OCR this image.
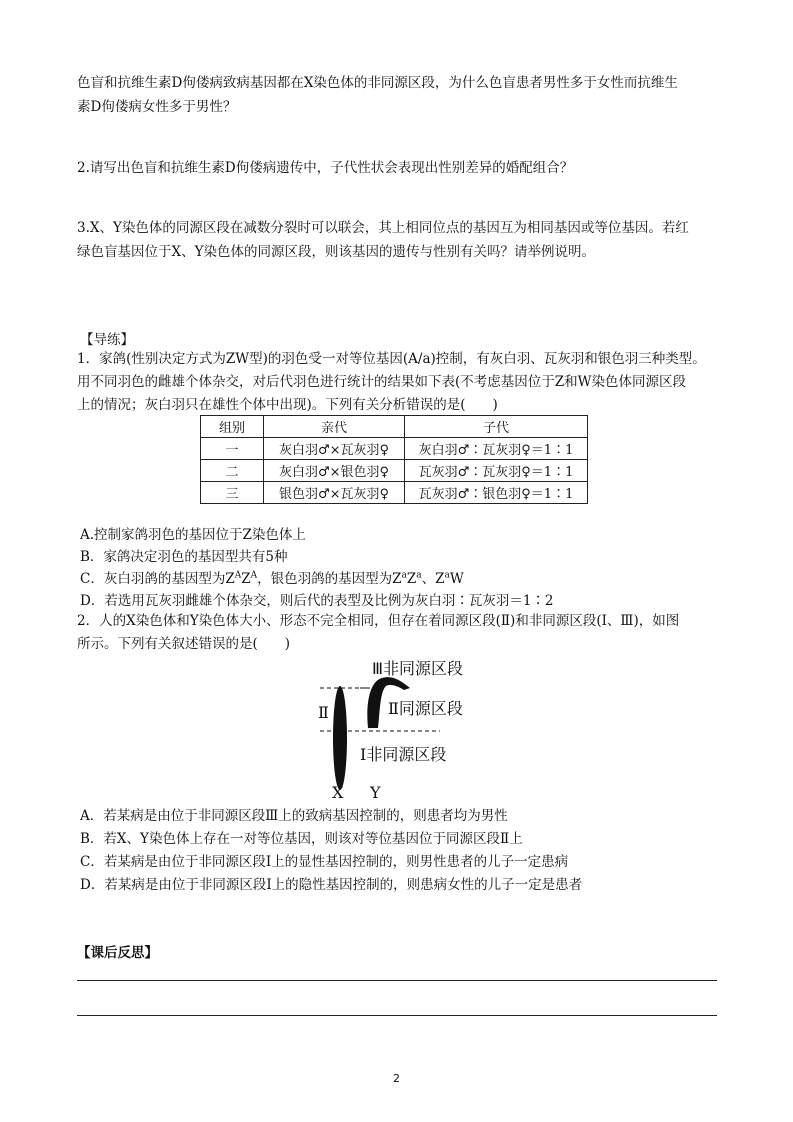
色盲和抗维生素D佝偻病致病基因都在X染色体的非同源区段，为什么色盲患者男性多于女性而抗维生
素D佝偻病女性多于男性？
2.请写出色盲和抗维生素D佝偻病遗传中，子代性状会表现出性别差异的婚配组合？
3.X、Y染色体的同源区段在减数分裂时可以联会，其上相同位点的基因互为相同基因或等位基因。若红
绿色盲基因位于X、Y染色体的同源区段，则该基因的遗传与性别有关吗？请举例说明。
【导练】
1．家鸽(性别决定方式为ZW型)的羽色受一对等位基因(A/a)控制，有灰白羽、瓦灰羽和银色羽三种类型。
用不同羽色的雌雄个体杂交，对后代羽色进行统计的结果如下表(不考虑基因位于Z和W染色体同源区段
上的情况；灰白羽只在雄性个体中出现)。下列有关分析错误的是(　　)
组别	亲代	子代
一	灰白羽♂×瓦灰羽♀	灰白羽♂∶瓦灰羽♀＝1∶1
二	灰白羽♂×银色羽♀	瓦灰羽♂∶瓦灰羽♀＝1∶1
三	银色羽♂×瓦灰羽♀	瓦灰羽♂∶银色羽♀＝1∶1
A.控制家鸽羽色的基因位于Z染色体上
B．家鸽决定羽色的基因型共有5种
C．灰白羽鸽的基因型为$Z^AZ^A$，银色羽鸽的基因型为$Z^aZ^a$、$Z^aW$
D．若选用瓦灰羽雌雄个体杂交，则后代的表型及比例为灰白羽∶瓦灰羽＝1∶2
2．人的X染色体和Y染色体大小、形态不完全相同，但存在着同源区段(Ⅱ)和非同源区段(Ⅰ、Ⅲ)，如图
所示。下列有关叙述错误的是(　　)
Ⅲ非同源区段
Ⅱ同源区段
Ⅱ
Ⅰ非同源区段
X Y
A．若某病是由位于非同源区段Ⅲ上的致病基因控制的，则患者均为男性
B．若X、Y染色体上存在一对等位基因，则该对等位基因位于同源区段Ⅱ上
C．若某病是由位于非同源区段Ⅰ上的显性基因控制的，则男性患者的儿子一定患病
D．若某病是由位于非同源区段Ⅰ上的隐性基因控制的，则患病女性的儿子一定是患者
【课后反思】
2
